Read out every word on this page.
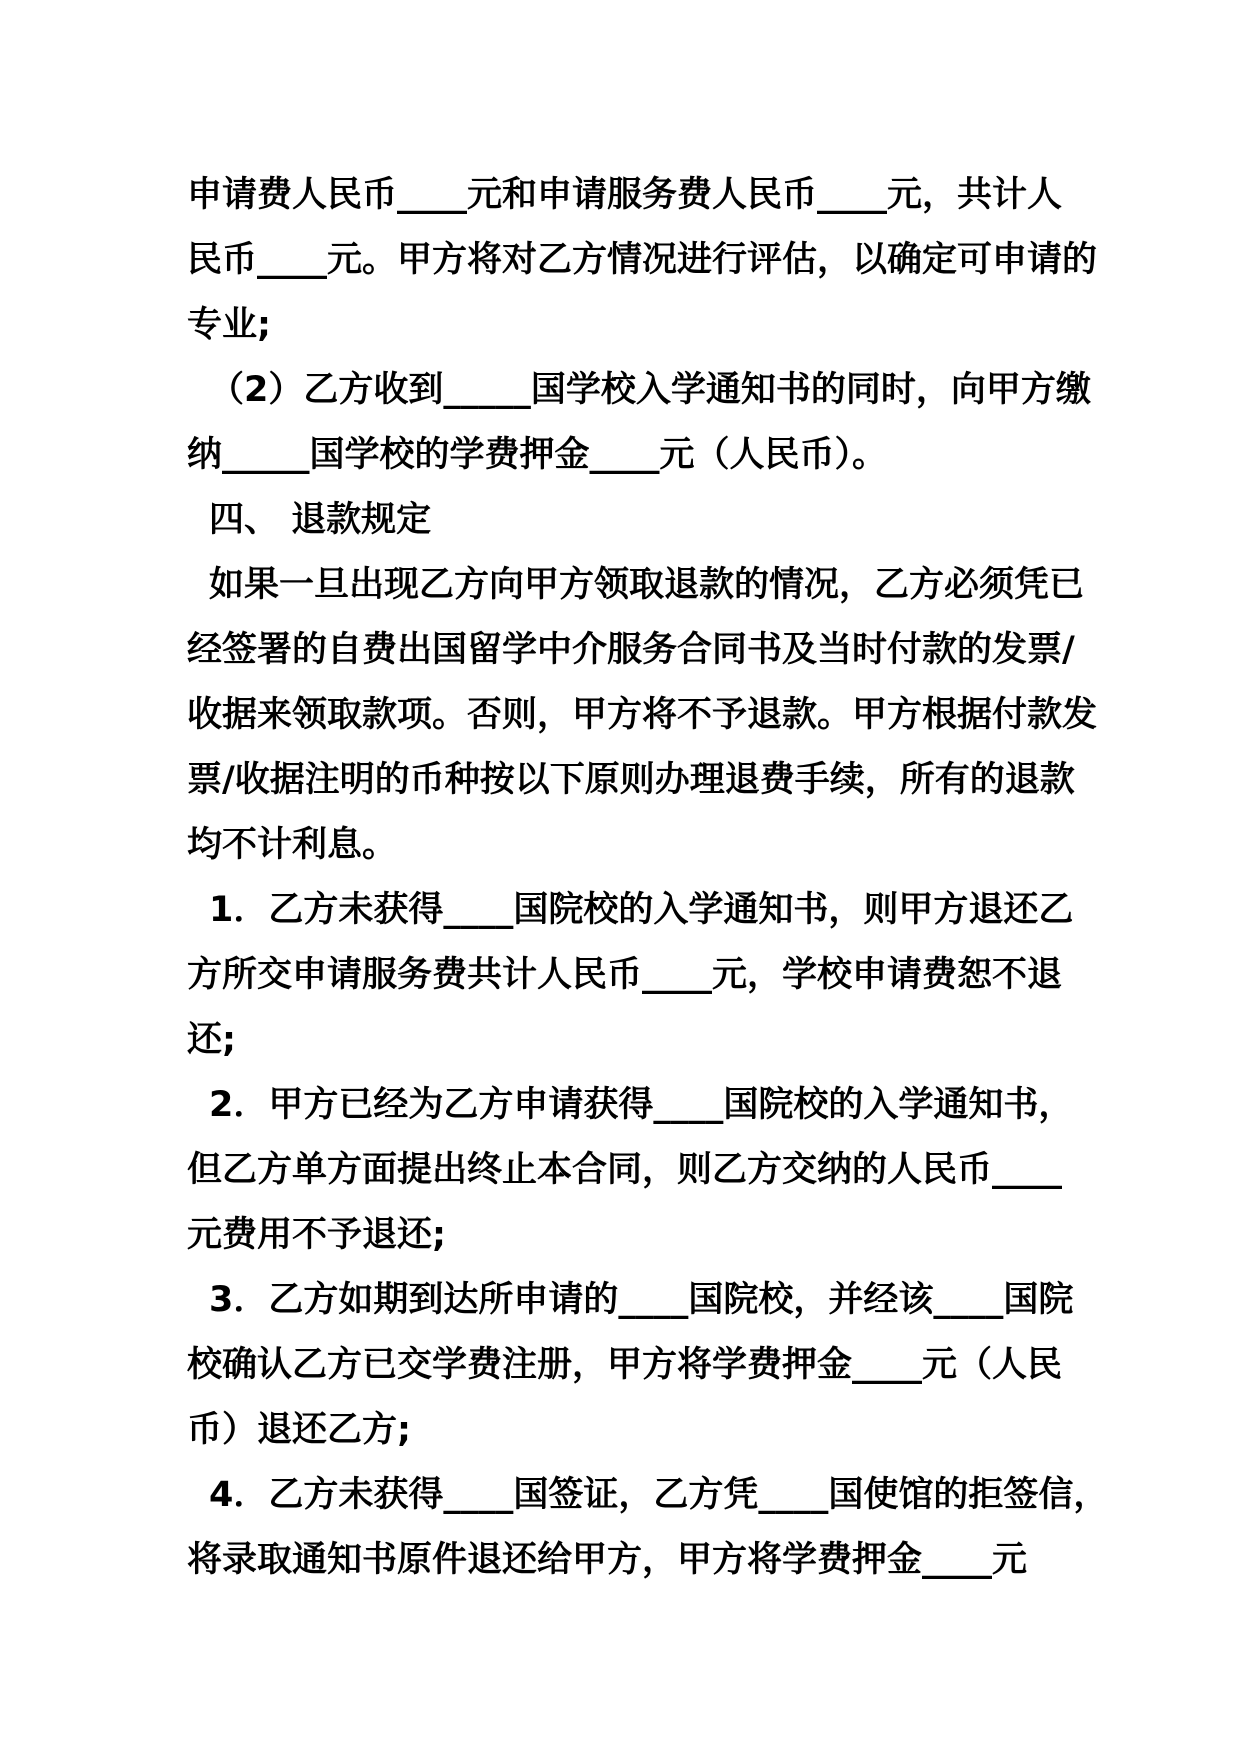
申请费人民币____元和申请服务费人民币____元，共计人
民币____元。甲方将对乙方情况进行评估，以确定可申请的
专业;
（2）乙方收到_____国学校入学通知书的同时，向甲方缴
纳_____国学校的学费押金____元（人民币）。
四、 退款规定
如果一旦出现乙方向甲方领取退款的情况，乙方必须凭已
经签署的自费出国留学中介服务合同书及当时付款的发票/
收据来领取款项。否则，甲方将不予退款。甲方根据付款发
票/收据注明的币种按以下原则办理退费手续，所有的退款
均不计利息。
1．乙方未获得____国院校的入学通知书，则甲方退还乙
方所交申请服务费共计人民币____元，学校申请费恕不退
还;
2．甲方已经为乙方申请获得____国院校的入学通知书，
但乙方单方面提出终止本合同，则乙方交纳的人民币____
元费用不予退还;
3．乙方如期到达所申请的____国院校，并经该____国院
校确认乙方已交学费注册，甲方将学费押金____元（人民
币）退还乙方;
4．乙方未获得____国签证，乙方凭____国使馆的拒签信，
将录取通知书原件退还给甲方，甲方将学费押金____元
